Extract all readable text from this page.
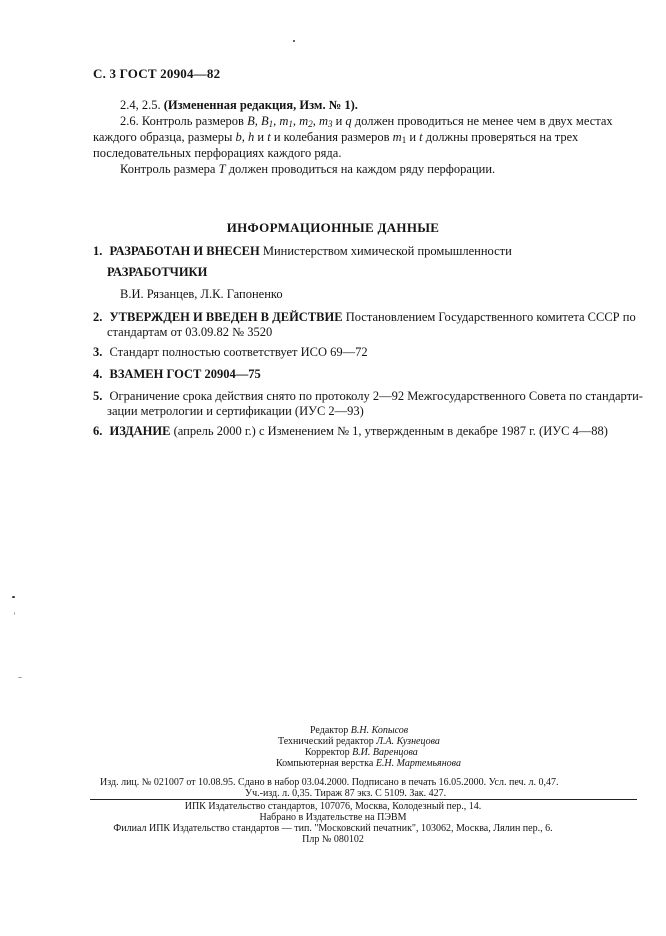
С. 3 ГОСТ 20904—82
2.4, 2.5. (Измененная редакция, Изм. № 1).
2.6. Контроль размеров B, $B_1$, $m_1$, $m_2$, $m_3$ и q должен проводиться не менее чем в двух местах
каждого образца, размеры b, h и t и колебания размеров $m_1$ и t должны проверяться на трех
последовательных перфорациях каждого ряда.
Контроль размера T должен проводиться на каждом ряду перфорации.
ИНФОРМАЦИОННЫЕ ДАННЫЕ
1. РАЗРАБОТАН И ВНЕСЕН Министерством химической промышленности
РАЗРАБОТЧИКИ
В.И. Рязанцев, Л.К. Гапоненко
2. УТВЕРЖДЕН И ВВЕДЕН В ДЕЙСТВИЕ Постановлением Государственного комитета СССР по
стандартам от 03.09.82 № 3520
3. Стандарт полностью соответствует ИСО 69—72
4. ВЗАМЕН ГОСТ 20904—75
5. Ограничение срока действия снято по протоколу 2—92 Межгосударственного Совета по стандарти-
зации метрологии и сертификации (ИУС 2—93)
6. ИЗДАНИЕ (апрель 2000 г.) с Изменением № 1, утвержденным в декабре 1987 г. (ИУС 4—88)
Редактор В.Н. Копысов
Технический редактор Л.А. Кузнецова
Корректор В.И. Варенцова
Компьютерная верстка Е.Н. Мартемьянова
Изд. лиц. № 021007 от 10.08.95. Сдано в набор 03.04.2000. Подписано в печать 16.05.2000. Усл. печ. л. 0,47.
Уч.-изд. л. 0,35. Тираж 87 экз. С 5109. Зак. 427.
ИПК Издательство стандартов, 107076, Москва, Колодезный пер., 14.
Набрано в Издательстве на ПЭВМ
Филиал ИПК Издательство стандартов — тип. "Московский печатник", 103062, Москва, Лялин пер., 6.
Плр № 080102
